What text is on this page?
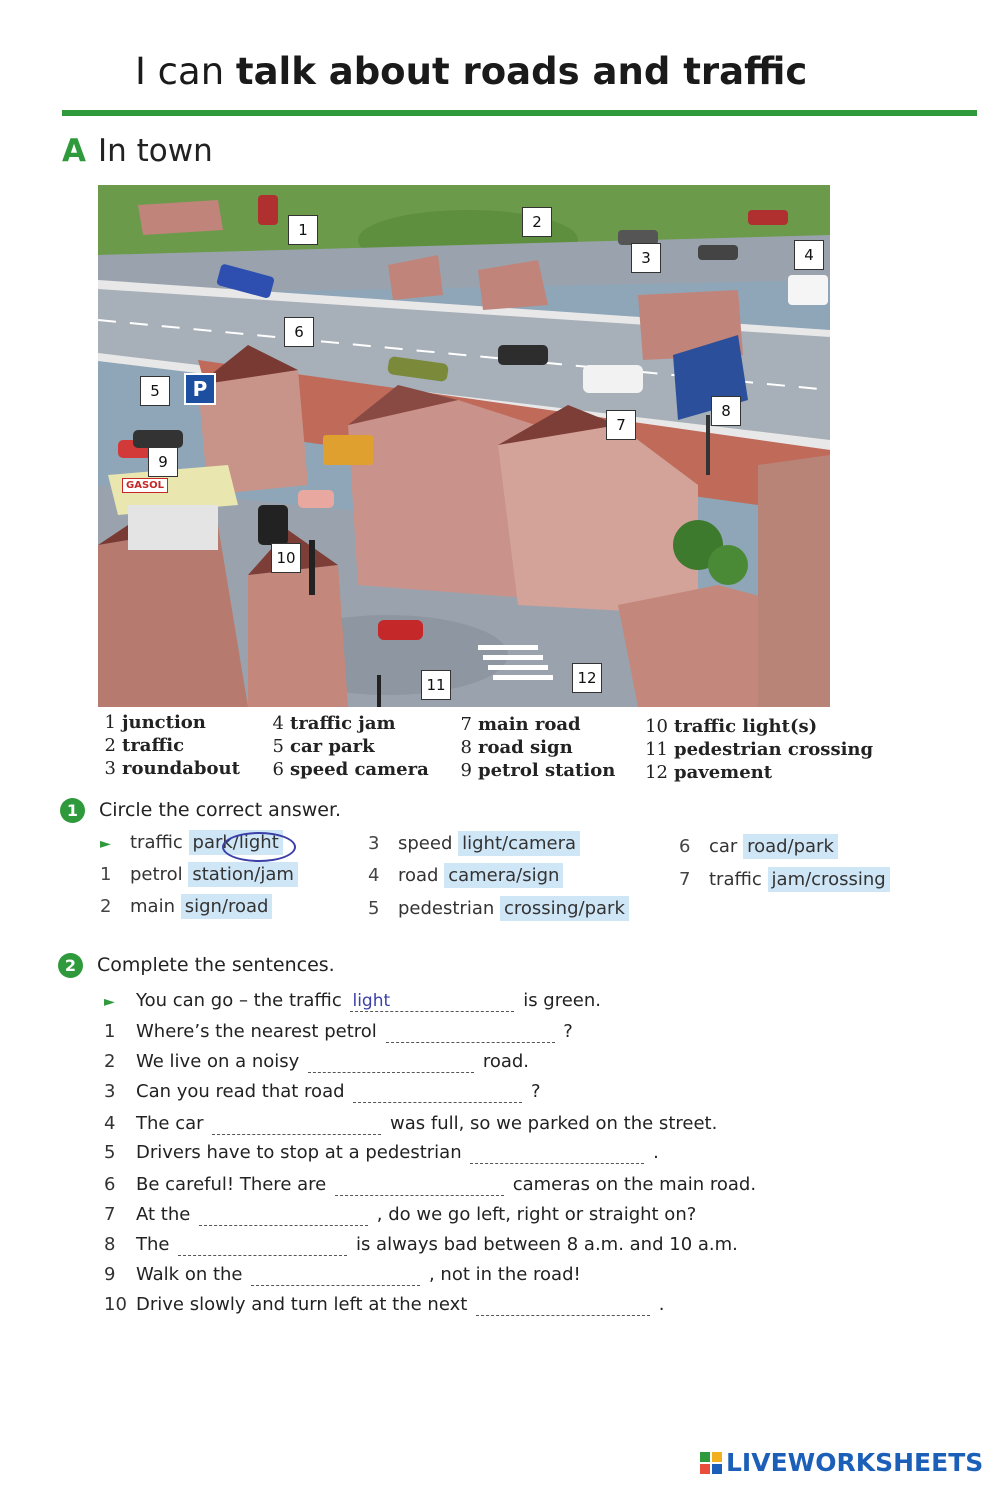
I can talk about roads and traffic
A In town
P
GASOL
1	2
3	4
5
6
7
8
9
10
11	12
1 junction
2 traffic
3 roundabout
4 traffic jam
5 car park
6 speed camera
7 main road
8 road sign
9 petrol station
10 traffic light(s)
11 pedestrian crossing
12 pavement
1 Circle the correct answer.
► traffic park/light
1 petrol station/jam
2 main sign/road
3 speed light/camera
4 road camera/sign
5 pedestrian crossing/park
6 car road/park
7 traffic jam/crossing
2 Complete the sentences.
► You can go – the traffic light	is green.
1 Where’s the nearest petrol	?
2 We live on a noisy	road.
3 Can you read that road	?
4 The car	was full, so we parked on the street.
5 Drivers have to stop at a pedestrian	.
6 Be careful! There are	cameras on the main road.
7 At the	, do we go left, right or straight on?
8 The	is always bad between 8 a.m. and 10 a.m.
9 Walk on the	, not in the road!
10 Drive slowly and turn left at the next	.
LIVEWORKSHEETS
